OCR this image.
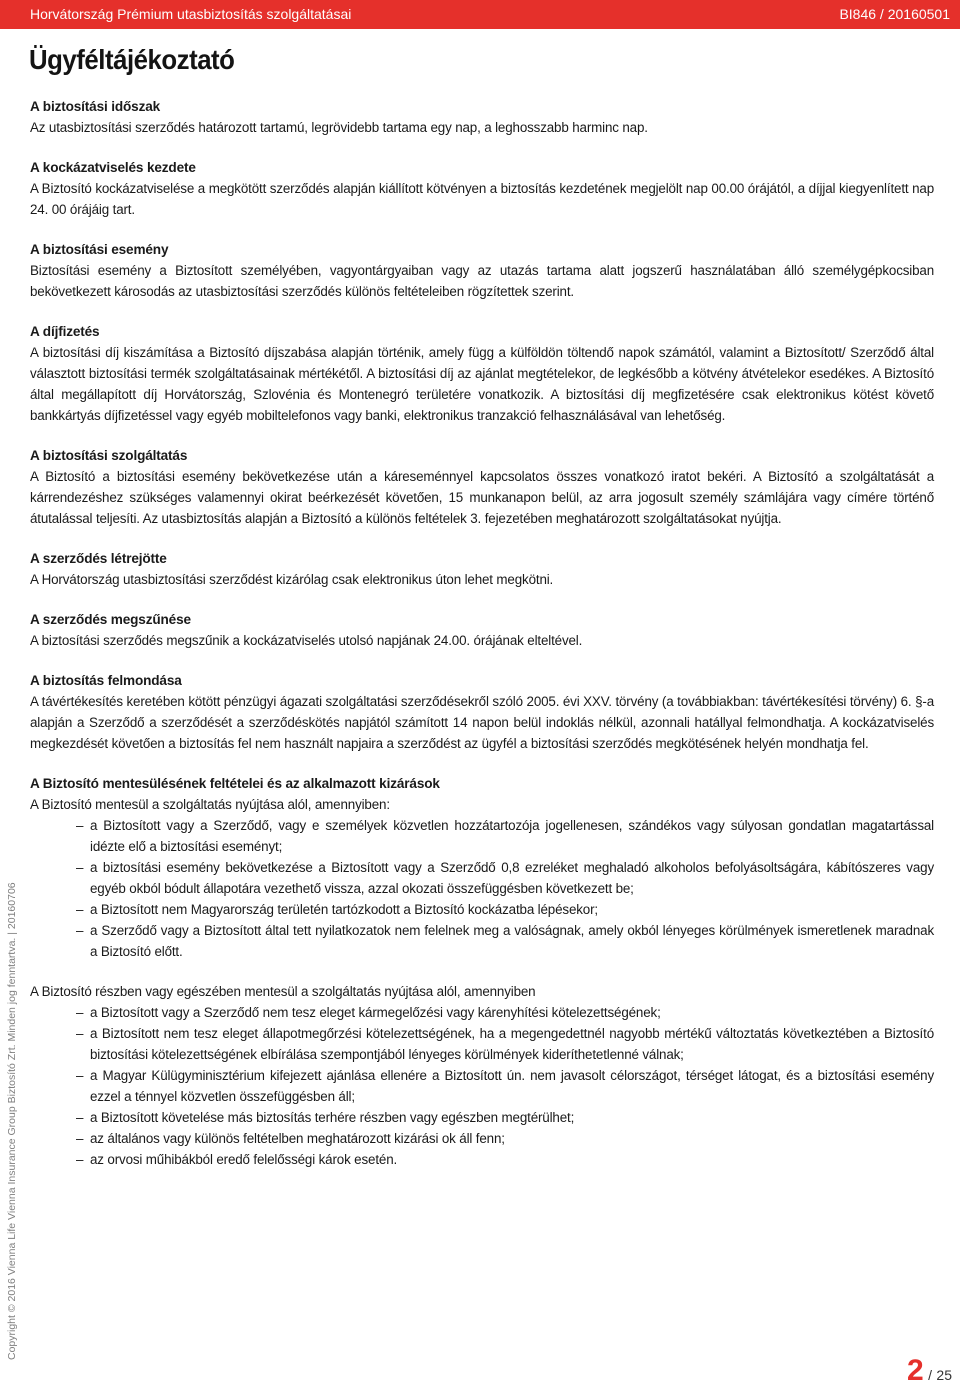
Horvátország Prémium utasbiztosítás szolgáltatásai	BI846 / 20160501
Ügyféltájékoztató
A biztosítási időszak

Az utasbiztosítási szerződés határozott tartamú, legrövidebb tartama egy nap, a leghosszabb harminc nap.

A kockázatviselés kezdete

A Biztosító kockázatviselése a megkötött szerződés alapján kiállított kötvényen a biztosítás kezdetének megjelölt nap 00.00 órájától, a díjjal kiegyenlített nap 24. 00 órájáig tart.

A biztosítási esemény

Biztosítási esemény a Biztosított személyében, vagyontárgyaiban vagy az utazás tartama alatt jogszerű használatában álló személygépkocsiban bekövetkezett károsodás az utasbiztosítási szerződés különös feltételeiben rögzítettek szerint.

A díjfizetés

A biztosítási díj kiszámítása a Biztosító díjszabása alapján történik, amely függ a külföldön töltendő napok számától, valamint a Biztosított/ Szerződő által választott biztosítási termék szolgáltatásainak mértékétől. A biztosítási díj az ajánlat megtételekor, de legkésőbb a kötvény átvételekor esedékes. A Biztosító által megállapított díj Horvátország, Szlovénia és Montenegró területére vonatkozik. A biztosítási díj megfizetésére csak elektronikus kötést követő bankkártyás díjfizetéssel vagy egyéb mobiltelefonos vagy banki, elektronikus tranzakció felhasználásával van lehetőség.

A biztosítási szolgáltatás

A Biztosító a biztosítási esemény bekövetkezése után a káreseménnyel kapcsolatos összes vonatkozó iratot bekéri. A Biztosító a szolgáltatását a kárrendezéshez szükséges valamennyi okirat beérkezését követően, 15 munkanapon belül, az arra jogosult személy számlájára vagy címére történő átutalással teljesíti. Az utasbiztosítás alapján a Biztosító a különös feltételek 3. fejezetében meghatározott szolgáltatásokat nyújtja.

A szerződés létrejötte

A Horvátország utasbiztosítási szerződést kizárólag csak elektronikus úton lehet megkötni.

A szerződés megszűnése

A biztosítási szerződés megszűnik a kockázatviselés utolsó napjának 24.00. órájának elteltével.

A biztosítás felmondása

A távértékesítés keretében kötött pénzügyi ágazati szolgáltatási szerződésekről szóló 2005. évi XXV. törvény (a továbbiakban: távértékesítési törvény) 6. §-a alapján a Szerződő a szerződését a szerződéskötés napjától számított 14 napon belül indoklás nélkül, azonnali hatállyal felmondhatja. A kockázatviselés megkezdését követően a biztosítás fel nem használt napjaira a szerződést az ügyfél a biztosítási szerződés megkötésének helyén mondhatja fel.

A Biztosító mentesülésének feltételei és az alkalmazott kizárások

A Biztosító mentesül a szolgáltatás nyújtása alól, amennyiben:

– a Biztosított vagy a Szerződő, vagy e személyek közvetlen hozzátartozója jogellenesen, szándékos vagy súlyosan gondatlan magatartással idézte elő a biztosítási eseményt;
– a biztosítási esemény bekövetkezése a Biztosított vagy a Szerződő 0,8 ezreléket meghaladó alkoholos befolyásoltságára, kábítószeres vagy egyéb okból bódult állapotára vezethető vissza, azzal okozati összefüggésben következett be;
– a Biztosított nem Magyarország területén tartózkodott a Biztosító kockázatba lépésekor;
– a Szerződő vagy a Biztosított által tett nyilatkozatok nem felelnek meg a valóságnak, amely okból lényeges körülmények ismeretlenek maradnak a Biztosító előtt.

A Biztosító részben vagy egészében mentesül a szolgáltatás nyújtása alól, amennyiben

– a Biztosított vagy a Szerződő nem tesz eleget kármegelőzési vagy kárenyhítési kötelezettségének;
– a Biztosított nem tesz eleget állapotmegőrzési kötelezettségének, ha a megengedettnél nagyobb mértékű változtatás következtében a Biztosító biztosítási kötelezettségének elbírálása szempontjából lényeges körülmények kideríthetetlenné válnak;
– a Magyar Külügyminisztérium kifejezett ajánlása ellenére a Biztosított ún. nem javasolt célországot, térséget látogat, és a biztosítási esemény ezzel a ténnyel közvetlen összefüggésben áll;
– a Biztosított követelése más biztosítás terhére részben vagy egészben megtérülhet;
– az általános vagy különös feltételben meghatározott kizárási ok áll fenn;
– az orvosi műhibákból eredő felelősségi károk esetén.
Copyright © 2016 Vienna Life Vienna Insurance Group Biztosító Zrt. Minden jog fenntartva. | 20160706
2 / 25
